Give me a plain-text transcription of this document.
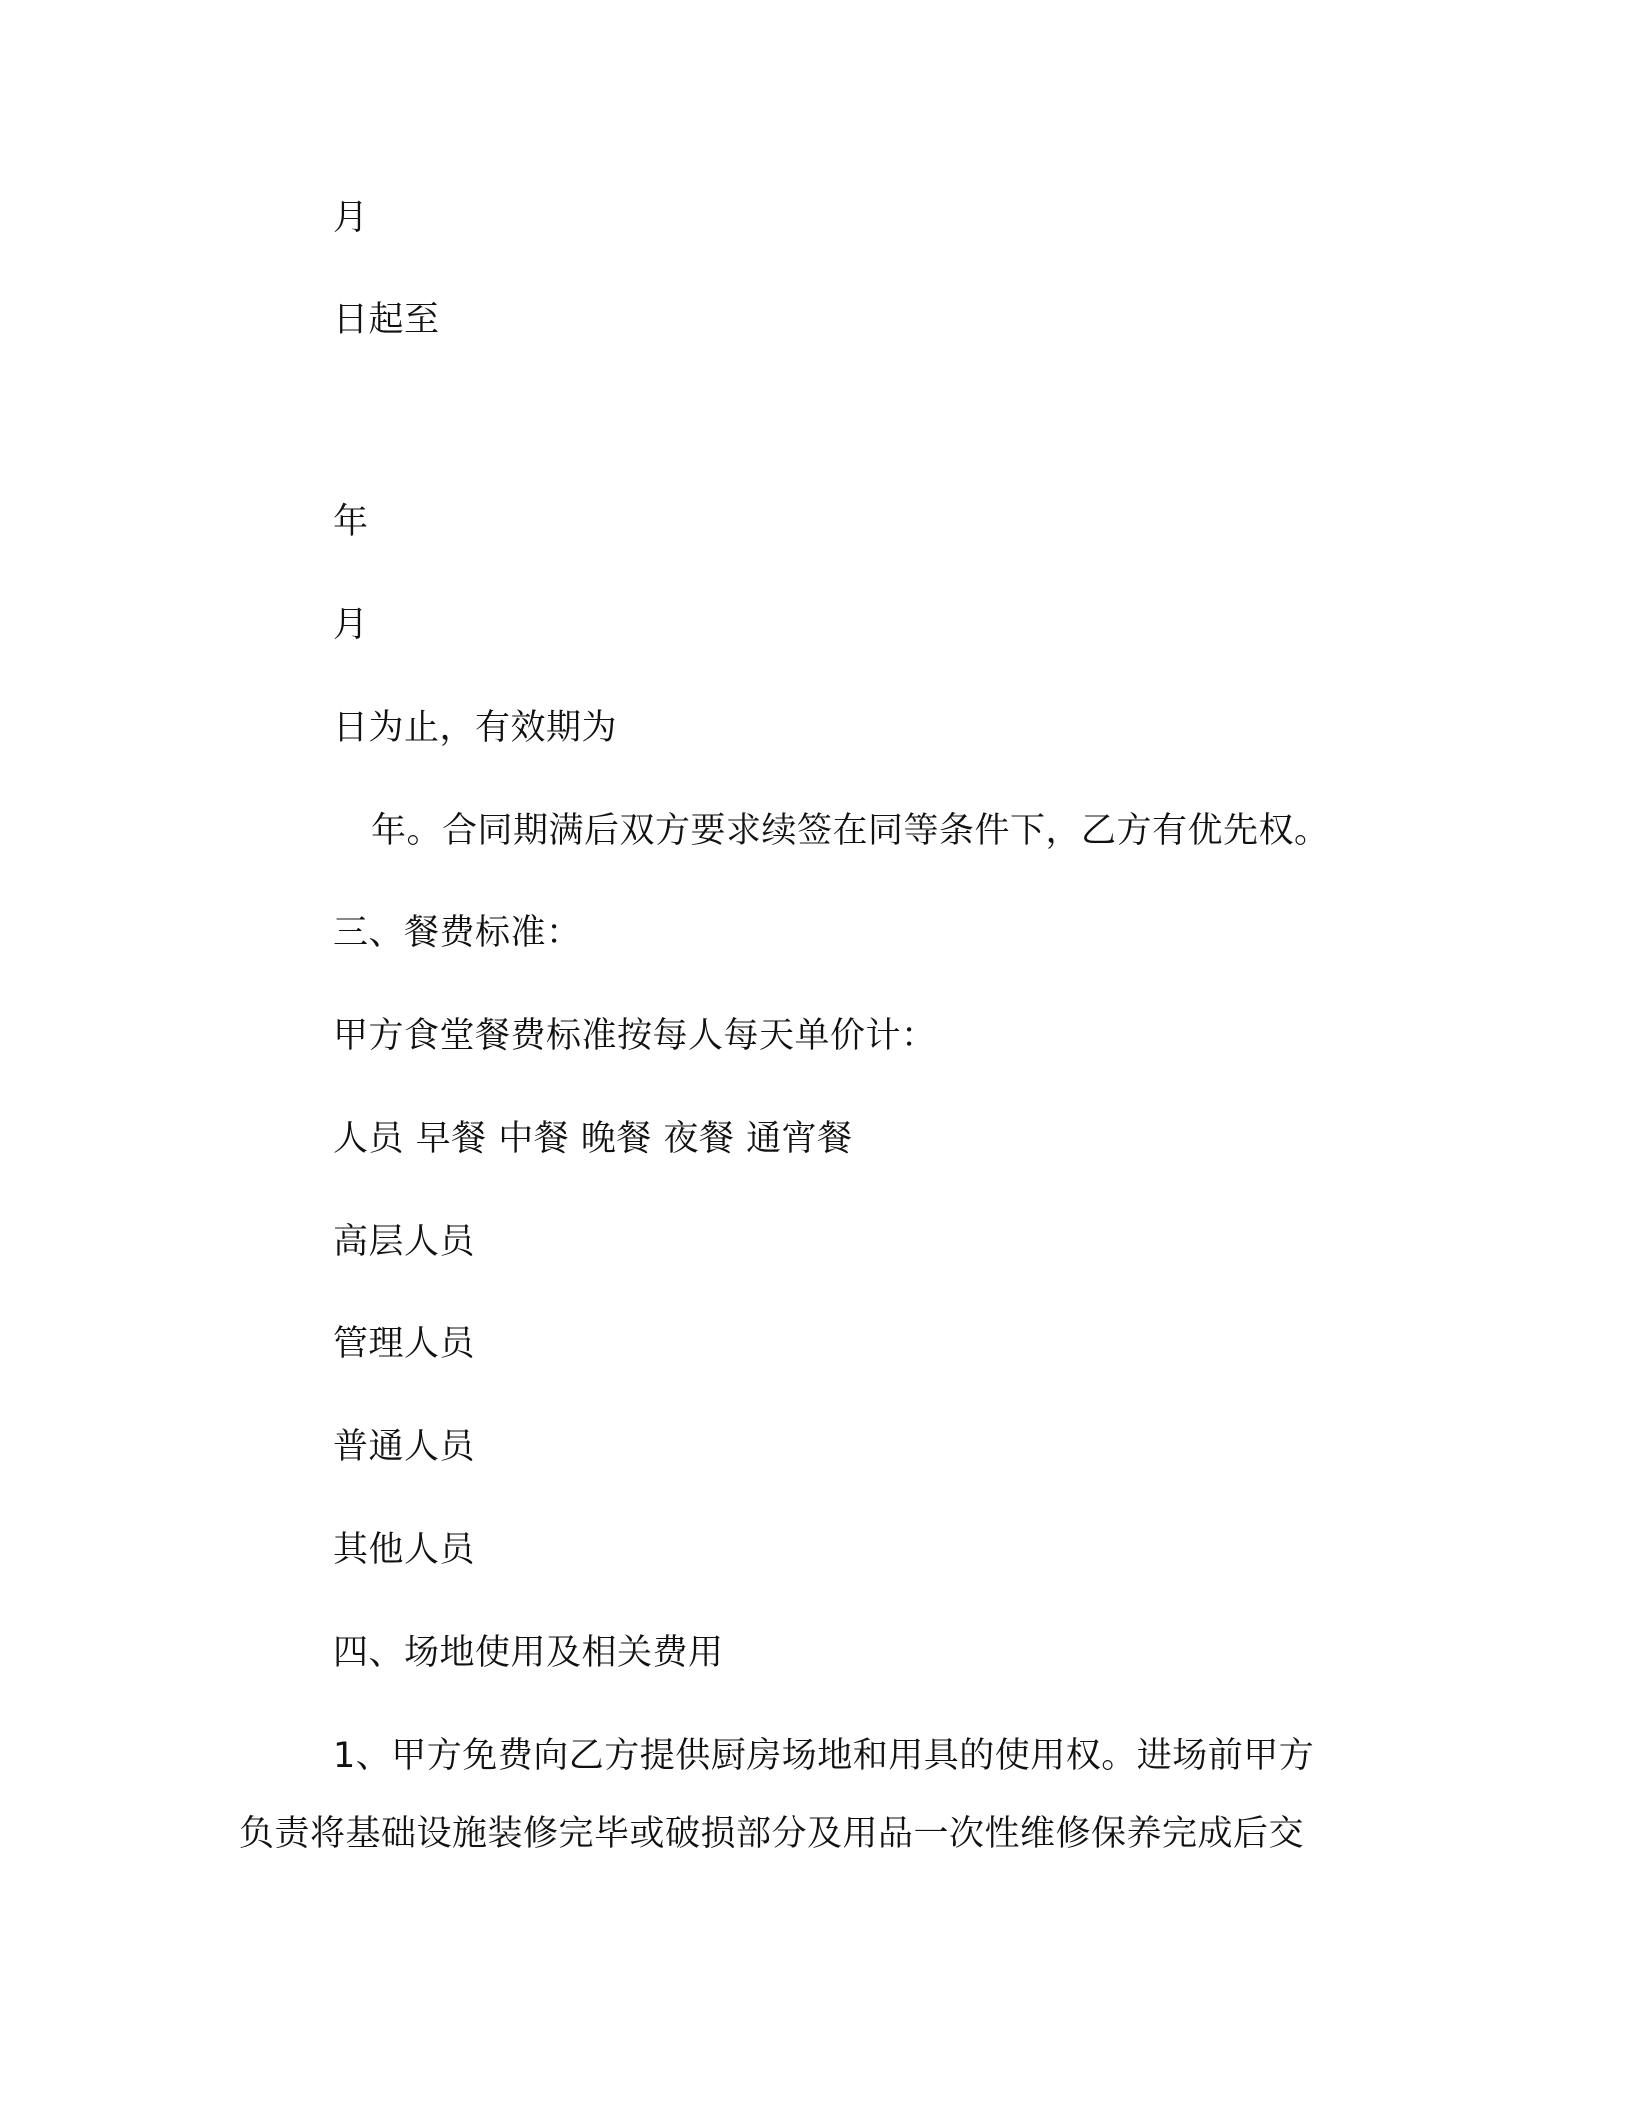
月
日起至
年
月
日为止，有效期为
年。合同期满后双方要求续签在同等条件下，乙方有优先权。
三、餐费标准：
甲方食堂餐费标准按每人每天单价计：
人员 早餐 中餐 晚餐 夜餐 通宵餐
高层人员
管理人员
普通人员
其他人员
四、场地使用及相关费用
1、甲方免费向乙方提供厨房场地和用具的使用权。进场前甲方
负责将基础设施装修完毕或破损部分及用品一次性维修保养完成后交
